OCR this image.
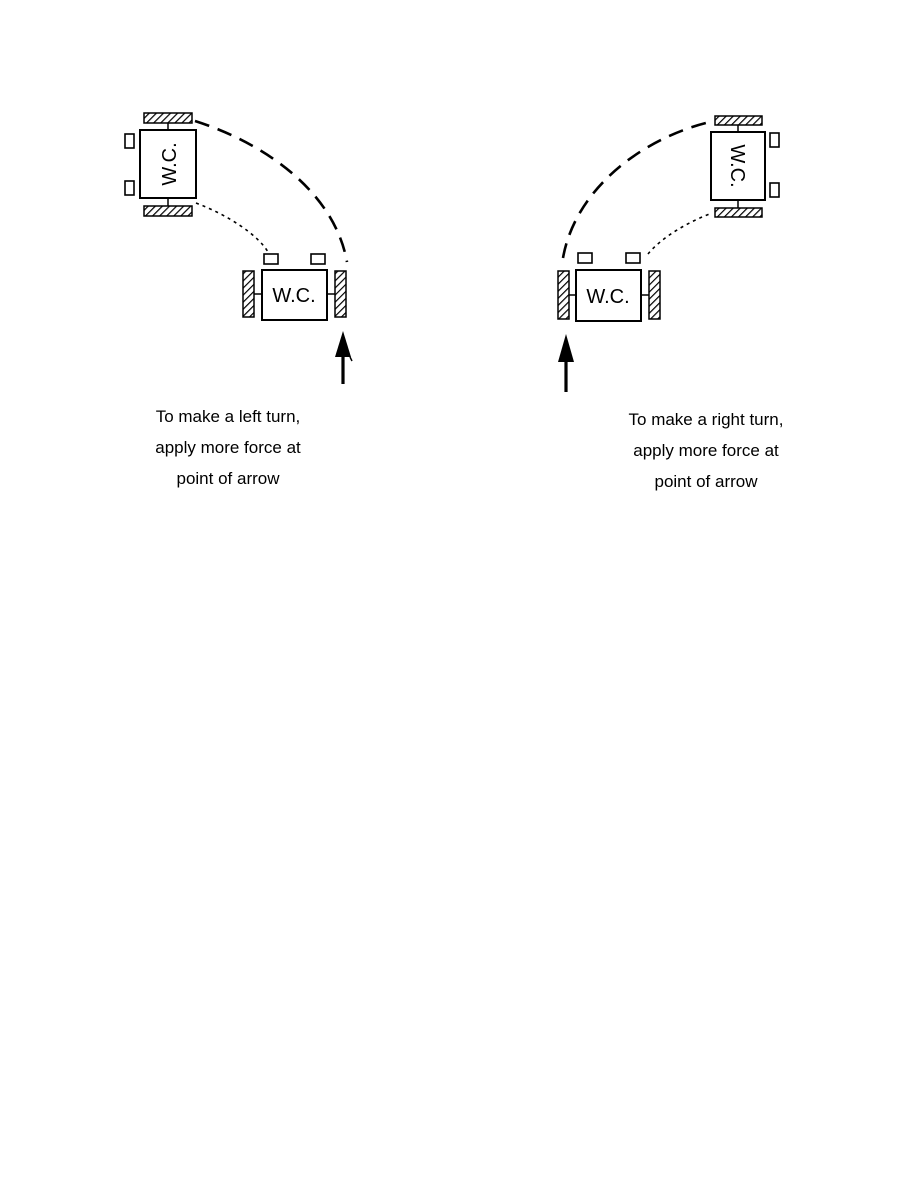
W.C.
W.C.
W.C.
W.C.
To make a left turn,
apply more force at
point of arrow
To make a right turn,
apply more force at
point of arrow
